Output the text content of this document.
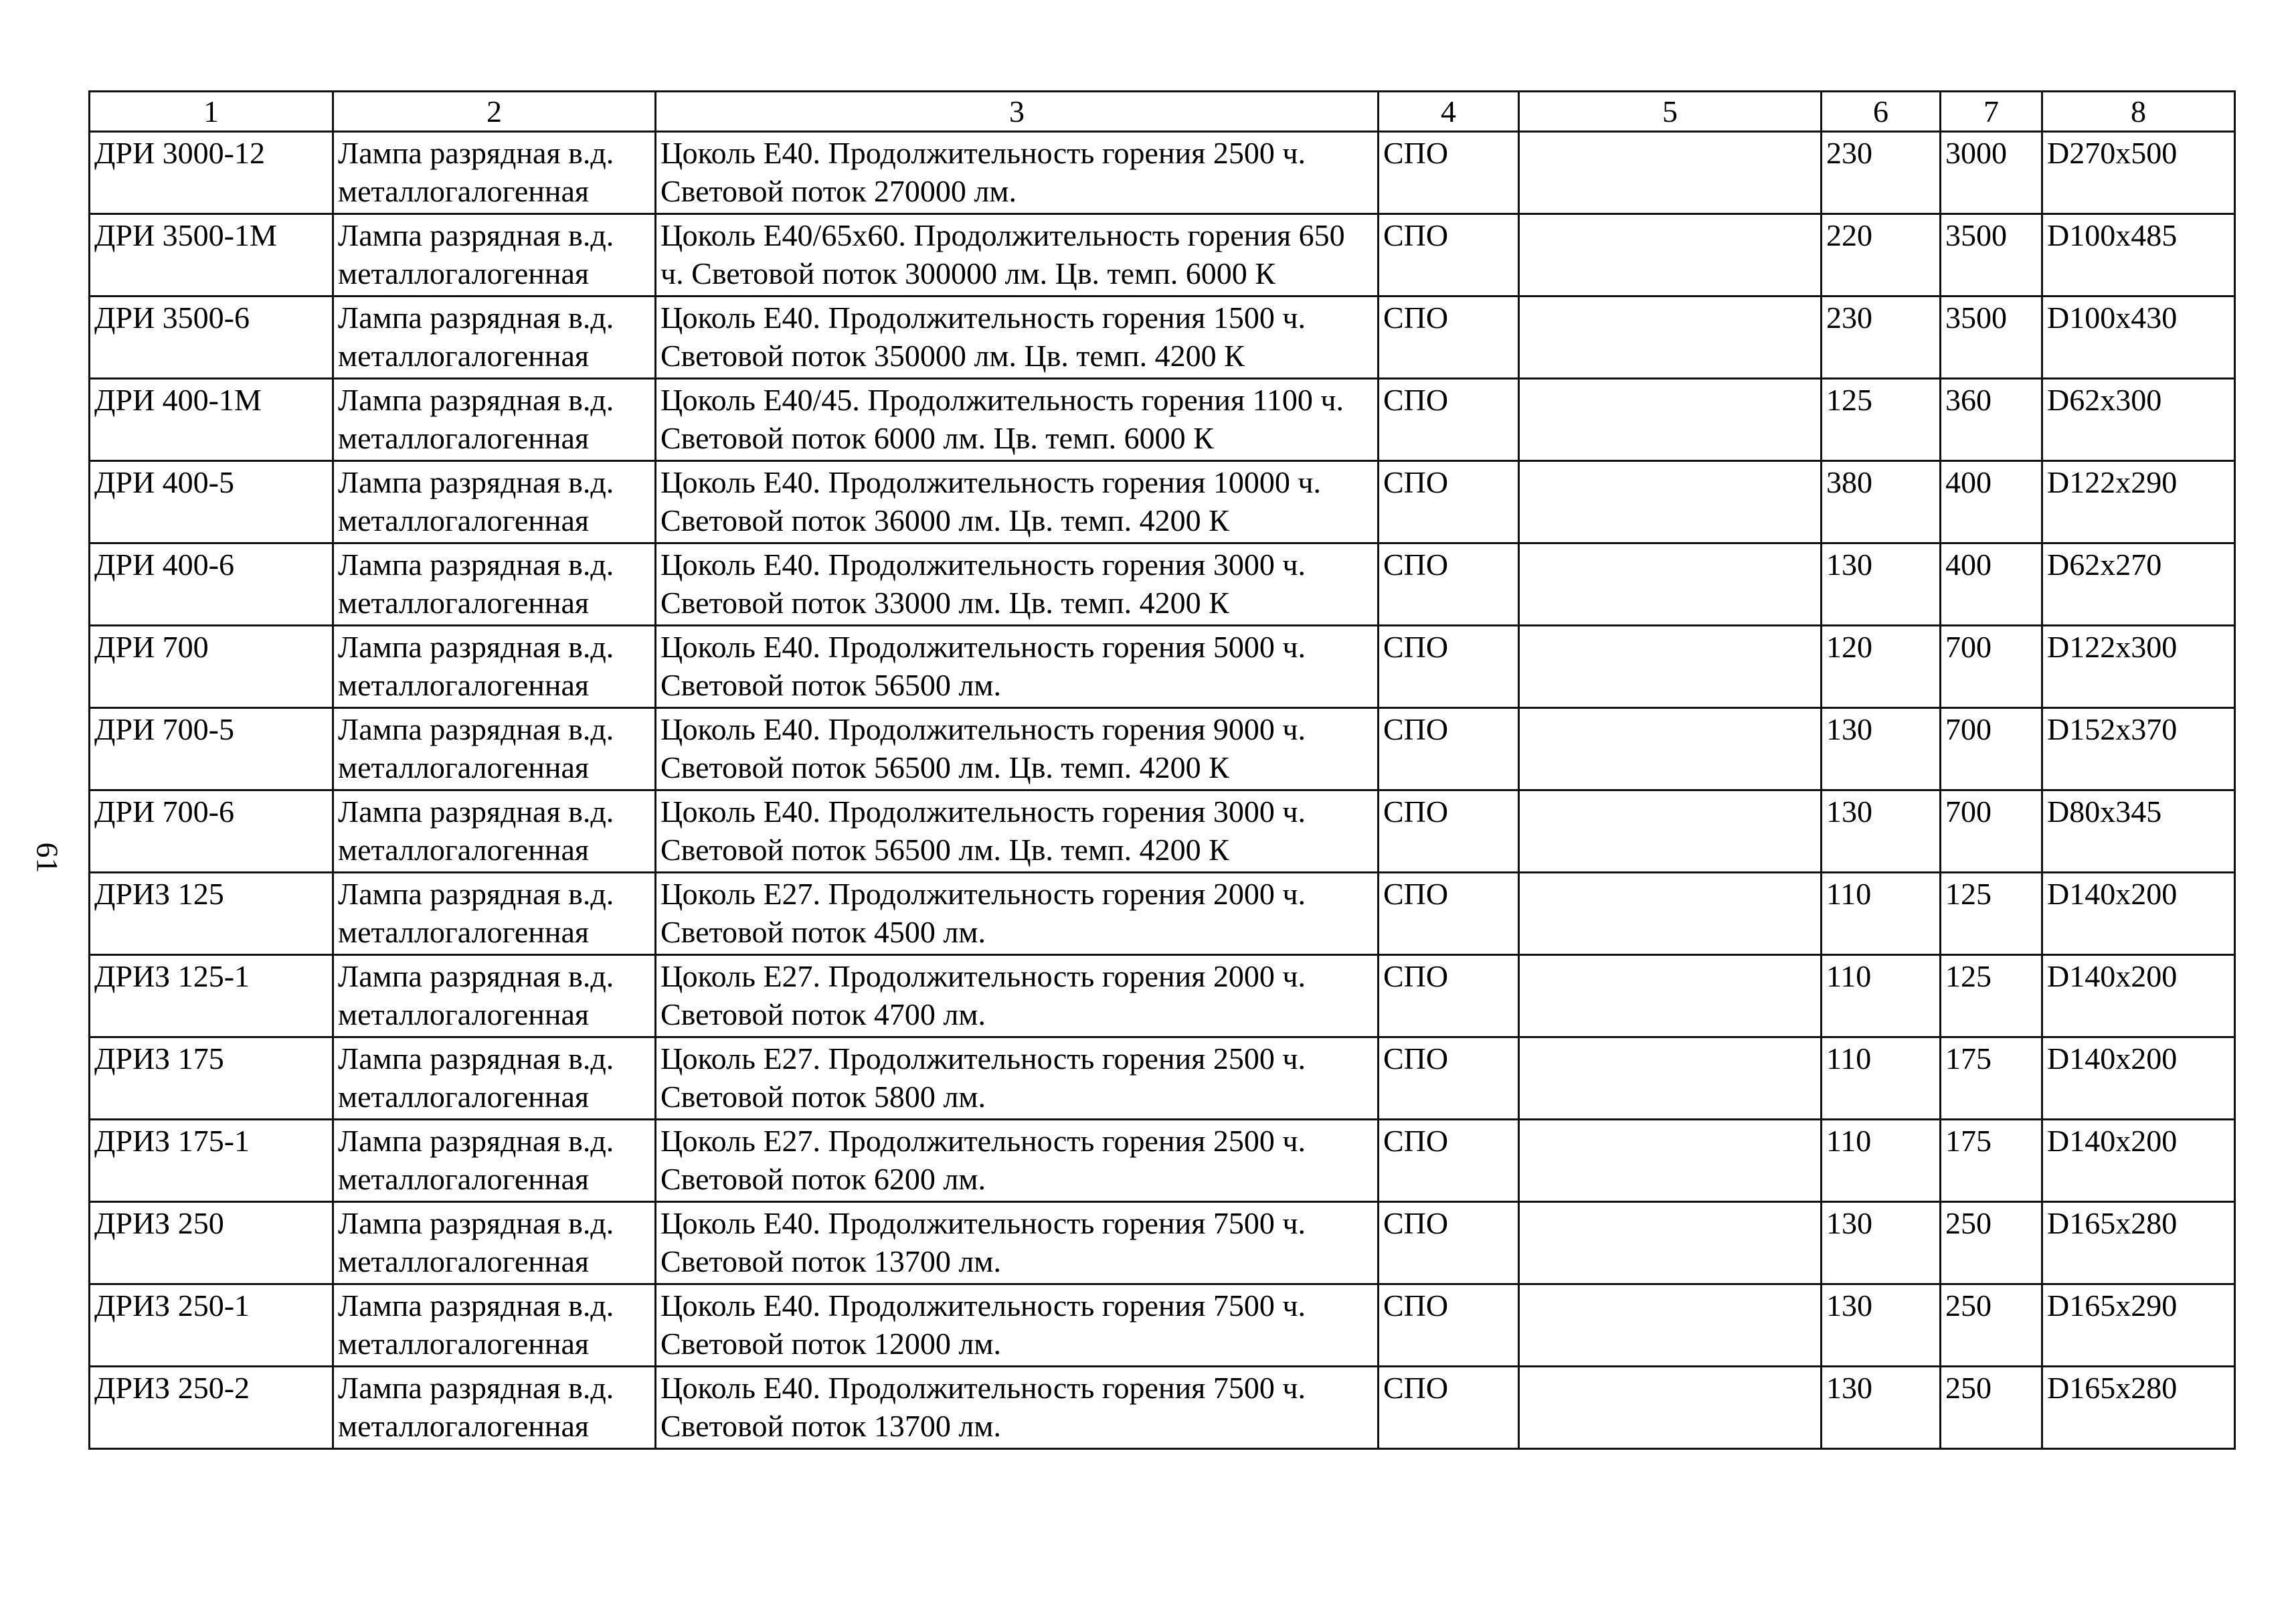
61
1	2	3	4	5	6	7	8
ДРИ 3000-12	Лампа разрядная в.д. металлогалогенная	Цоколь Е40. Продолжительность горения 2500 ч. Световой поток 270000 лм.	СПО		230	3000	D270x500
ДРИ 3500-1М	Лампа разрядная в.д. металлогалогенная	Цоколь Е40/65х60. Продолжительность горения 650 ч. Световой поток 300000 лм. Цв. темп. 6000 К	СПО		220	3500	D100x485
ДРИ 3500-6	Лампа разрядная в.д. металлогалогенная	Цоколь Е40. Продолжительность горения 1500 ч. Световой поток 350000 лм. Цв. темп. 4200 К	СПО		230	3500	D100x430
ДРИ 400-1М	Лампа разрядная в.д. металлогалогенная	Цоколь Е40/45. Продолжительность горения 1100 ч. Световой поток 6000 лм. Цв. темп. 6000 К	СПО		125	360	D62x300
ДРИ 400-5	Лампа разрядная в.д. металлогалогенная	Цоколь Е40. Продолжительность горения 10000 ч. Световой поток 36000 лм. Цв. темп. 4200 К	СПО		380	400	D122x290
ДРИ 400-6	Лампа разрядная в.д. металлогалогенная	Цоколь Е40. Продолжительность горения 3000 ч. Световой поток 33000 лм. Цв. темп. 4200 К	СПО		130	400	D62x270
ДРИ 700	Лампа разрядная в.д. металлогалогенная	Цоколь Е40. Продолжительность горения 5000 ч. Световой поток 56500 лм.	СПО		120	700	D122x300
ДРИ 700-5	Лампа разрядная в.д. металлогалогенная	Цоколь Е40. Продолжительность горения 9000 ч. Световой поток 56500 лм. Цв. темп. 4200 К	СПО		130	700	D152x370
ДРИ 700-6	Лампа разрядная в.д. металлогалогенная	Цоколь Е40. Продолжительность горения 3000 ч. Световой поток 56500 лм. Цв. темп. 4200 К	СПО		130	700	D80x345
ДРИЗ 125	Лампа разрядная в.д. металлогалогенная	Цоколь Е27. Продолжительность горения 2000 ч. Световой поток 4500 лм.	СПО		110	125	D140x200
ДРИЗ 125-1	Лампа разрядная в.д. металлогалогенная	Цоколь Е27. Продолжительность горения 2000 ч. Световой поток 4700 лм.	СПО		110	125	D140x200
ДРИЗ 175	Лампа разрядная в.д. металлогалогенная	Цоколь Е27. Продолжительность горения 2500 ч. Световой поток 5800 лм.	СПО		110	175	D140x200
ДРИЗ 175-1	Лампа разрядная в.д. металлогалогенная	Цоколь Е27. Продолжительность горения 2500 ч. Световой поток 6200 лм.	СПО		110	175	D140x200
ДРИЗ 250	Лампа разрядная в.д. металлогалогенная	Цоколь Е40. Продолжительность горения 7500 ч. Световой поток 13700 лм.	СПО		130	250	D165x280
ДРИЗ 250-1	Лампа разрядная в.д. металлогалогенная	Цоколь Е40. Продолжительность горения 7500 ч. Световой поток 12000 лм.	СПО		130	250	D165x290
ДРИЗ 250-2	Лампа разрядная в.д. металлогалогенная	Цоколь Е40. Продолжительность горения 7500 ч. Световой поток 13700 лм.	СПО		130	250	D165x280
